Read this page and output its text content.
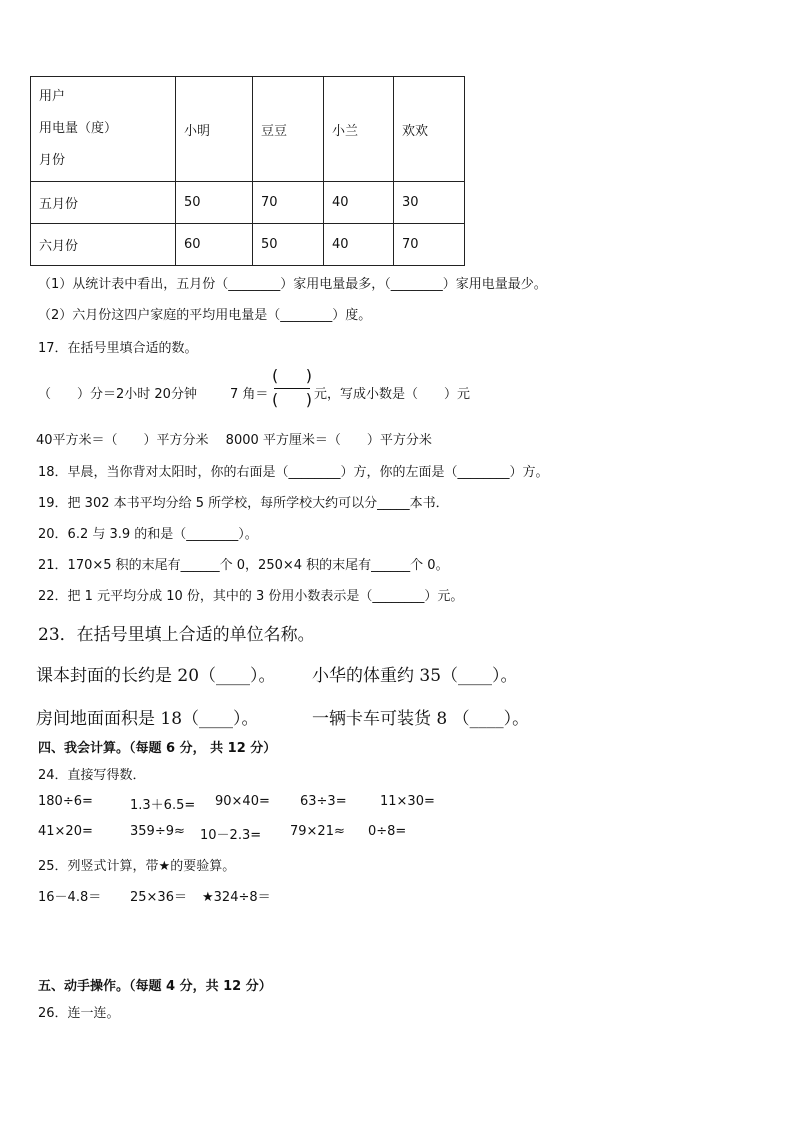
用户
用电量（度）
月份	小明	豆豆	小兰	欢欢
五月份	50	70	40	30
六月份	60	50	40	70
（1）从统计表中看出，五月份（________）家用电量最多，（________）家用电量最少。
（2）六月份这四户家庭的平均用电量是（________）度。
17．在括号里填合适的数。
（　　）分＝2小时 20分钟	7 角＝
( )
( ) 元，写成小数是（　　）元
40平方米＝（　　）平方分米　 8000 平方厘米＝（　　）平方分米
18．早晨，当你背对太阳时，你的右面是（________）方，你的左面是（________）方。
19．把 302 本书平均分给 5 所学校，每所学校大约可以分_____本书．
20．6.2 与 3.9 的和是（________）。
21．170×5 积的末尾有______个 0，250×4 积的末尾有______个 0。
22．把 1 元平均分成 10 份，其中的 3 份用小数表示是（________）元。
23．在括号里填上合适的单位名称。
课本封面的长约是 20（____）。 小华的体重约 35（____）。
房间地面面积是 18（____）。	一辆卡车可装货 8 （____）。
四、我会计算。（每题 6 分， 共 12 分）
24．直接写得数．
180÷6=	1.3＋6.5= 90×40= 63÷3=	11×30=
41×20=	359÷9≈ 10－2.3= 79×21≈ 0÷8=
25．列竖式计算，带★的要验算。
16－4.8＝ 25×36＝ ★324÷8＝
五、动手操作。（每题 4 分，共 12 分）
26．连一连。
